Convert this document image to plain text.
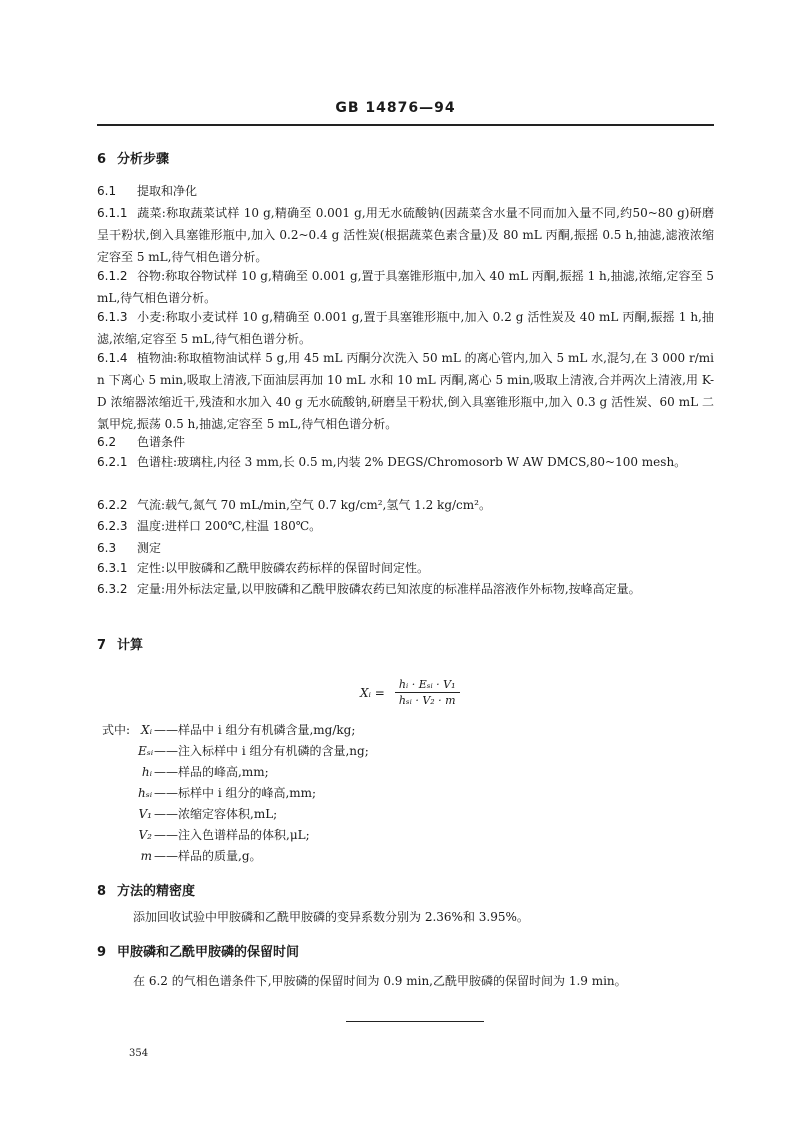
GB 14876—94
6 分析步骤
6.1 提取和净化
6.1.1 蔬菜:称取蔬菜试样 10 g,精确至 0.001 g,用无水硫酸钠(因蔬菜含水量不同而加入量不同,约50~80 g)研磨呈干粉状,倒入具塞锥形瓶中,加入 0.2~0.4 g 活性炭(根据蔬菜色素含量)及 80 mL 丙酮,振摇 0.5 h,抽滤,滤液浓缩定容至 5 mL,待气相色谱分析。
6.1.2 谷物:称取谷物试样 10 g,精确至 0.001 g,置于具塞锥形瓶中,加入 40 mL 丙酮,振摇 1 h,抽滤,浓缩,定容至 5 mL,待气相色谱分析。
6.1.3 小麦:称取小麦试样 10 g,精确至 0.001 g,置于具塞锥形瓶中,加入 0.2 g 活性炭及 40 mL 丙酮,振摇 1 h,抽滤,浓缩,定容至 5 mL,待气相色谱分析。
6.1.4 植物油:称取植物油试样 5 g,用 45 mL 丙酮分次洗入 50 mL 的离心管内,加入 5 mL 水,混匀,在 3 000 r/min 下离心 5 min,吸取上清液,下面油层再加 10 mL 水和 10 mL 丙酮,离心 5 min,吸取上清液,合并两次上清液,用 K-D 浓缩器浓缩近干,残渣和水加入 40 g 无水硫酸钠,研磨呈干粉状,倒入具塞锥形瓶中,加入 0.3 g 活性炭、60 mL 二氯甲烷,振荡 0.5 h,抽滤,定容至 5 mL,待气相色谱分析。
6.2 色谱条件
6.2.1 色谱柱:玻璃柱,内径 3 mm,长 0.5 m,内装 2% DEGS/Chromosorb W AW DMCS,80~100 mesh。
6.2.2 气流:载气,氮气 70 mL/min,空气 0.7 kg/cm²,氢气 1.2 kg/cm²。
6.2.3 温度:进样口 200℃,柱温 180℃。
6.3 测定
6.3.1 定性:以甲胺磷和乙酰甲胺磷农药标样的保留时间定性。
6.3.2 定量:用外标法定量,以甲胺磷和乙酰甲胺磷农药已知浓度的标准样品溶液作外标物,按峰高定量。
7 计算
Xᵢ = $\frac{\text{hᵢ · Eₛᵢ · V₁}}{\text{hₛᵢ · V₂ · m}}$
式中: Xᵢ ——样品中 i 组分有机磷含量,mg/kg;
Eₛᵢ ——注入标样中 i 组分有机磷的含量,ng;
hᵢ ——样品的峰高,mm;
hₛᵢ ——标样中 i 组分的峰高,mm;
V₁ ——浓缩定容体积,mL;
V₂ ——注入色谱样品的体积,μL;
m ——样品的质量,g。
8 方法的精密度
添加回收试验中甲胺磷和乙酰甲胺磷的变异系数分别为 2.36%和 3.95%。
9 甲胺磷和乙酰甲胺磷的保留时间
在 6.2 的气相色谱条件下,甲胺磷的保留时间为 0.9 min,乙酰甲胺磷的保留时间为 1.9 min。
354
